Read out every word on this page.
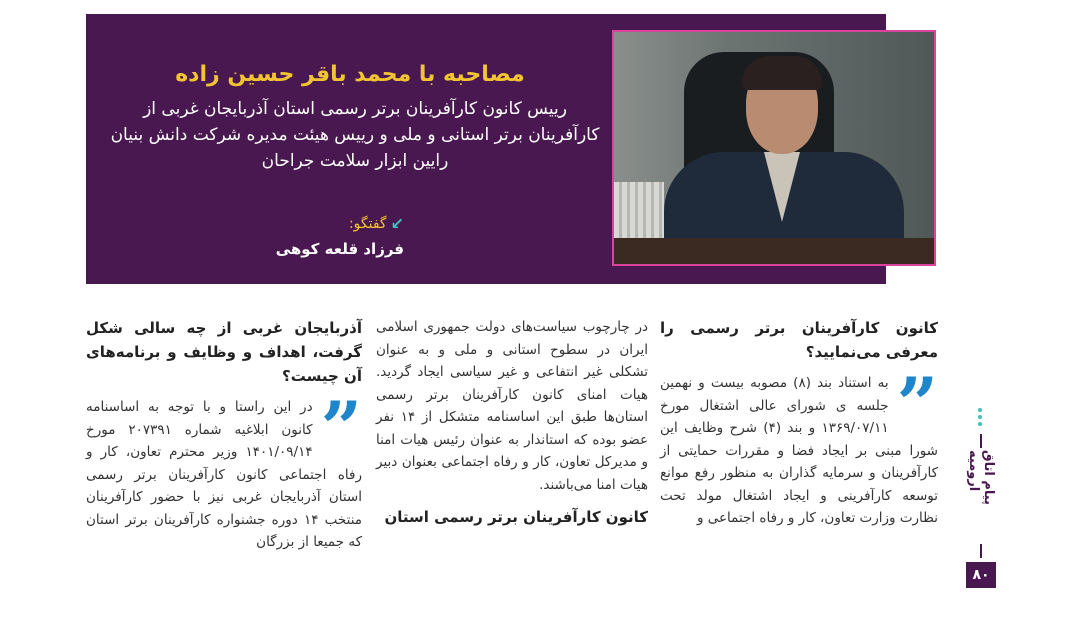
مصاحبه با محمد باقر حسین زاده
رییس کانون کارآفرینان برتر رسمی استان آذربایجان غربی از کارآفرینان برتر استانی و ملی و رییس هیئت مدیره شرکت دانش بنیان رایین ابزار سلامت جراحان
↙
گفتگو:
فرزاد قلعه کوهی
کانون کارآفرینان برتر رسمی را معرفی می‌نمایید؟
”
به استناد بند (۸) مصوبه بیست و نهمین جلسه ی شورای عالی اشتغال مورخ ۱۳۶۹/۰۷/۱۱ و بند (۴) شرح وظایف این شورا مبنی بر ایجاد فضا و مقررات حمایتی از کارآفرینان و سرمایه گذاران به منظور رفع موانع توسعه کارآفرینی و ایجاد اشتغال مولد تحت نظارت وزارت تعاون، کار و رفاه اجتماعی و
در چارچوب سیاست‌های دولت جمهوری اسلامی ایران در سطوح استانی و ملی و به عنوان تشکلی غیر انتفاعی و غیر سیاسی ایجاد گردید. هیات امنای کانون کارآفرینان برتر رسمی استان‌ها طبق این اساسنامه متشکل از ۱۴ نفر عضو بوده که استاندار به عنوان رئیس هیات امنا و مدیرکل تعاون، کار و رفاه اجتماعی بعنوان دبیر هیات امنا می‌باشند.
کانون کارآفرینان برتر رسمی استان
آذربایجان غربی از چه سالی شکل گرفت، اهداف و وظایف و برنامه‌های آن چیست؟
”
در این راستا و با توجه به اساسنامه کانون ابلاغیه شماره ۲۰۷۳۹۱ مورخ ۱۴۰۱/۰۹/۱۴ وزیر محترم تعاون، کار و رفاه اجتماعی کانون کارآفرینان برتر رسمی استان آذربایجان غربی نیز با حضور کارآفرینان منتخب ۱۴ دوره جشنواره کارآفرینان برتر استان که جمیعا از بزرگان
پیام اتاق ارومیه
۸۰
